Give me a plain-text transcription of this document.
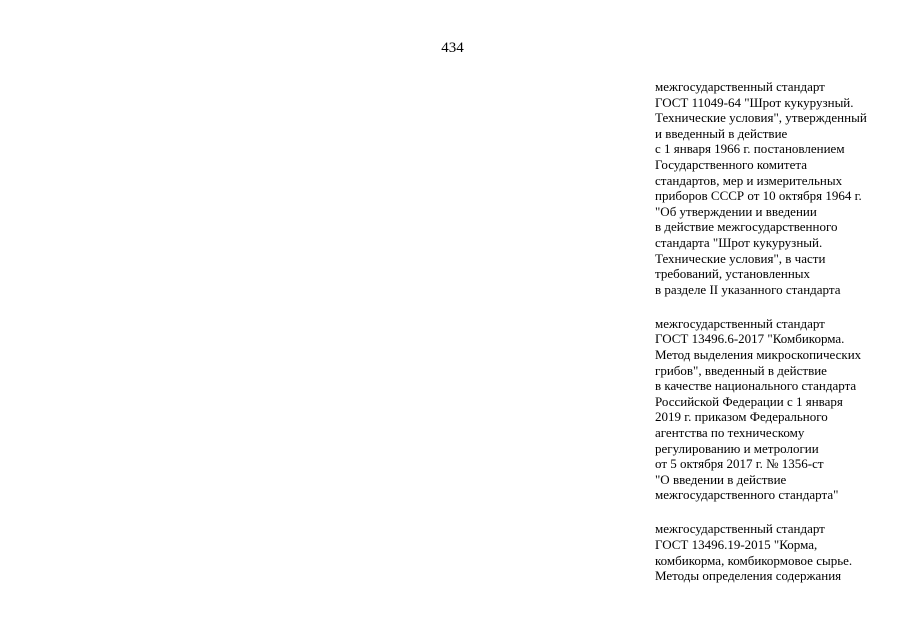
434
межгосударственный стандарт
ГОСТ 11049-64 "Шрот кукурузный.
Технические условия", утвержденный
и введенный в действие
с 1 января 1966 г. постановлением
Государственного комитета
стандартов, мер и измерительных
приборов СССР от 10 октября 1964 г.
"Об утверждении и введении
в действие межгосударственного
стандарта "Шрот кукурузный.
Технические условия", в части
требований, установленных
в разделе II указанного стандарта
межгосударственный стандарт
ГОСТ 13496.6-2017 "Комбикорма.
Метод выделения микроскопических
грибов", введенный в действие
в качестве национального стандарта
Российской Федерации с 1 января
2019 г. приказом Федерального
агентства по техническому
регулированию и метрологии
от 5 октября 2017 г. № 1356-ст
"О введении в действие
межгосударственного стандарта"
межгосударственный стандарт
ГОСТ 13496.19-2015 "Корма,
комбикорма, комбикормовое сырье.
Методы определения содержания
